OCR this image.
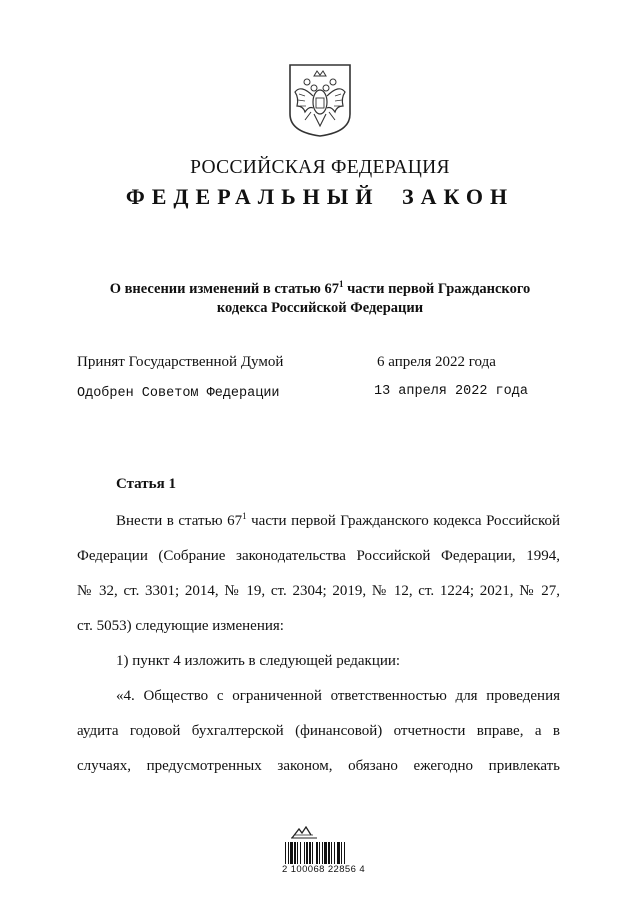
РОССИЙСКАЯ ФЕДЕРАЦИЯ
ФЕДЕРАЛЬНЫЙ ЗАКОН
О внесении изменений в статью $67^1$ части первой Гражданского
кодекса Российской Федерации
Принят Государственной Думой	6 апреля 2022 года
Одобрен Советом Федерации	13 апреля 2022 года
Статья 1
Внести в статью $67^1$ части первой Гражданского кодекса Российской
Федерации (Собрание законодательства Российской Федерации, 1994,
№ 32, ст. 3301; 2014, № 19, ст. 2304; 2019, № 12, ст. 1224; 2021, № 27,
ст. 5053) следующие изменения:
1) пункт 4 изложить в следующей редакции:
«4. Общество с ограниченной ответственностью для проведения
аудита годовой бухгалтерской (финансовой) отчетности вправе, а в
случаях, предусмотренных законом, обязано ежегодно привлекать
2 100068 22856 4
